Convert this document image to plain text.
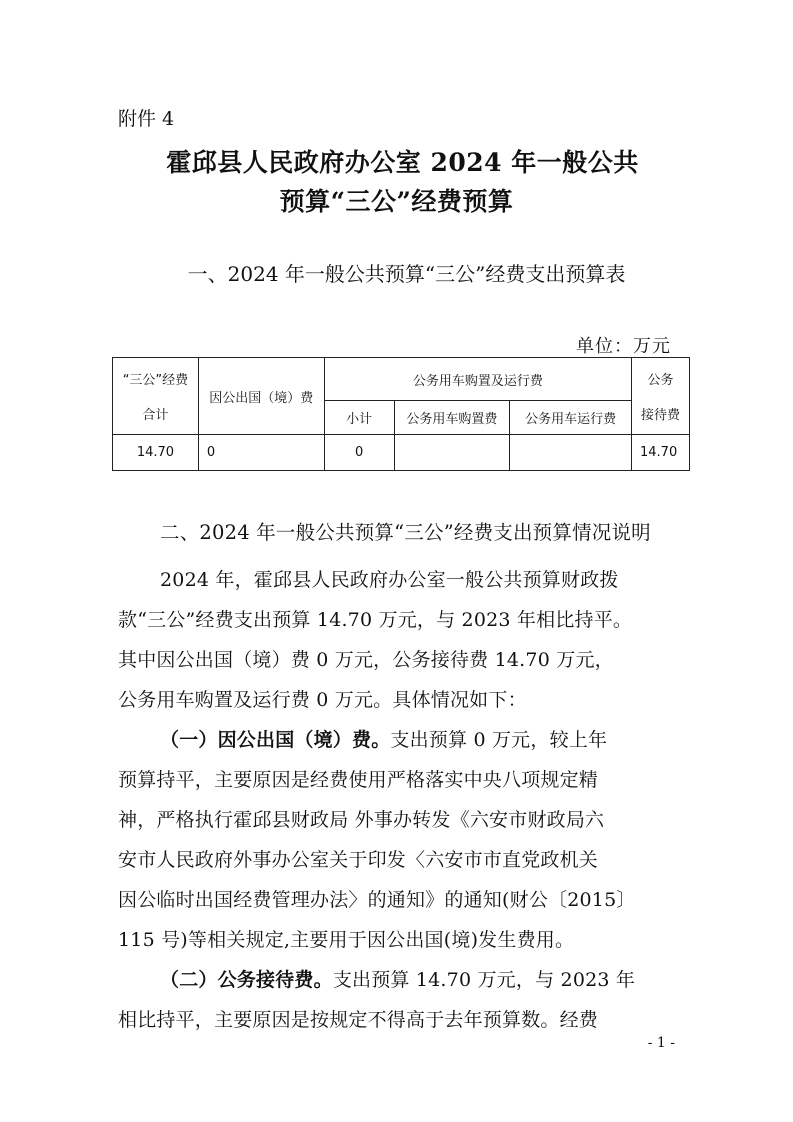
附件 4
霍邱县人民政府办公室 2024 年一般公共
预算“三公”经费预算
一、2024 年一般公共预算“三公”经费支出预算表
单位：万元
“三公”经费
合计	因公出国（境）费	公务用车购置及运行费			公务
接待费

		小计	公务用车购置费	公务用车运行费	
14.70	0	0			14.70
二、2024 年一般公共预算“三公”经费支出预算情况说明
2024 年，霍邱县人民政府办公室一般公共预算财政拨
款“三公”经费支出预算 14.70 万元，与 2023 年相比持平。
其中因公出国（境）费 0 万元，公务接待费 14.70 万元，
公务用车购置及运行费 0 万元。具体情况如下：
（一）因公出国（境）费。支出预算 0 万元，较上年
预算持平，主要原因是经费使用严格落实中央八项规定精
神，严格执行霍邱县财政局 外事办转发《六安市财政局六
安市人民政府外事办公室关于印发〈六安市市直党政机关
因公临时出国经费管理办法〉的通知》的通知(财公〔2015〕
115 号)等相关规定,主要用于因公出国(境)发生费用。
（二）公务接待费。支出预算 14.70 万元，与 2023 年
相比持平，主要原因是按规定不得高于去年预算数。经费
- 1 -
